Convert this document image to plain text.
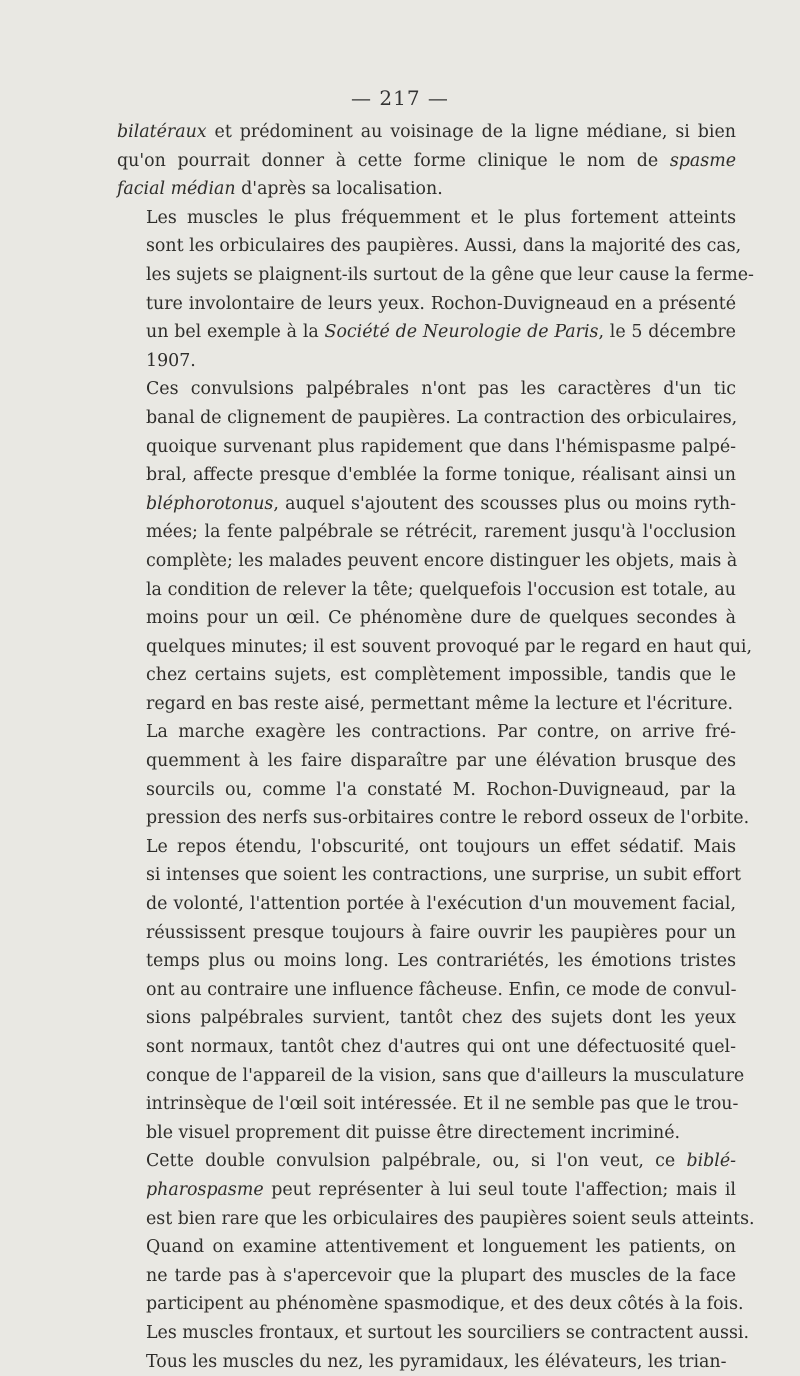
— 217 —

bilatéraux et prédominent au voisinage de la ligne médiane, si bien
qu'on pourrait donner à cette forme clinique le nom de spasme
facial médian d'après sa localisation.

Les muscles le plus fréquemment et le plus fortement atteints
sont les orbiculaires des paupières. Aussi, dans la majorité des cas,
les sujets se plaignent-ils surtout de la gêne que leur cause la ferme-
ture involontaire de leurs yeux. Rochon-Duvigneaud en a présenté
un bel exemple à la Société de Neurologie de Paris, le 5 décembre
1907.

Ces convulsions palpébrales n'ont pas les caractères d'un tic
banal de clignement de paupières. La contraction des orbiculaires,
quoique survenant plus rapidement que dans l'hémispasme palpé-
bral, affecte presque d'emblée la forme tonique, réalisant ainsi un
bléphorotonus, auquel s'ajoutent des scousses plus ou moins ryth-
mées; la fente palpébrale se rétrécit, rarement jusqu'à l'occlusion
complète; les malades peuvent encore distinguer les objets, mais à
la condition de relever la tête; quelquefois l'occusion est totale, au
moins pour un œil. Ce phénomène dure de quelques secondes à
quelques minutes; il est souvent provoqué par le regard en haut qui,
chez certains sujets, est complètement impossible, tandis que le
regard en bas reste aisé, permettant même la lecture et l'écriture.

La marche exagère les contractions. Par contre, on arrive fré-
quemment à les faire disparaître par une élévation brusque des
sourcils ou, comme l'a constaté M. Rochon-Duvigneaud, par la
pression des nerfs sus-orbitaires contre le rebord osseux de l'orbite.
Le repos étendu, l'obscurité, ont toujours un effet sédatif. Mais
si intenses que soient les contractions, une surprise, un subit effort
de volonté, l'attention portée à l'exécution d'un mouvement facial,
réussissent presque toujours à faire ouvrir les paupières pour un
temps plus ou moins long. Les contrariétés, les émotions tristes
ont au contraire une influence fâcheuse. Enfin, ce mode de convul-
sions palpébrales survient, tantôt chez des sujets dont les yeux
sont normaux, tantôt chez d'autres qui ont une défectuosité quel-
conque de l'appareil de la vision, sans que d'ailleurs la musculature
intrinsèque de l'œil soit intéressée. Et il ne semble pas que le trou-
ble visuel proprement dit puisse être directement incriminé.

Cette double convulsion palpébrale, ou, si l'on veut, ce biblé-
pharospasme peut représenter à lui seul toute l'affection; mais il
est bien rare que les orbiculaires des paupières soient seuls atteints.
Quand on examine attentivement et longuement les patients, on
ne tarde pas à s'apercevoir que la plupart des muscles de la face
participent au phénomène spasmodique, et des deux côtés à la fois.
Les muscles frontaux, et surtout les sourciliers se contractent aussi.
Tous les muscles du nez, les pyramidaux, les élévateurs, les trian-
